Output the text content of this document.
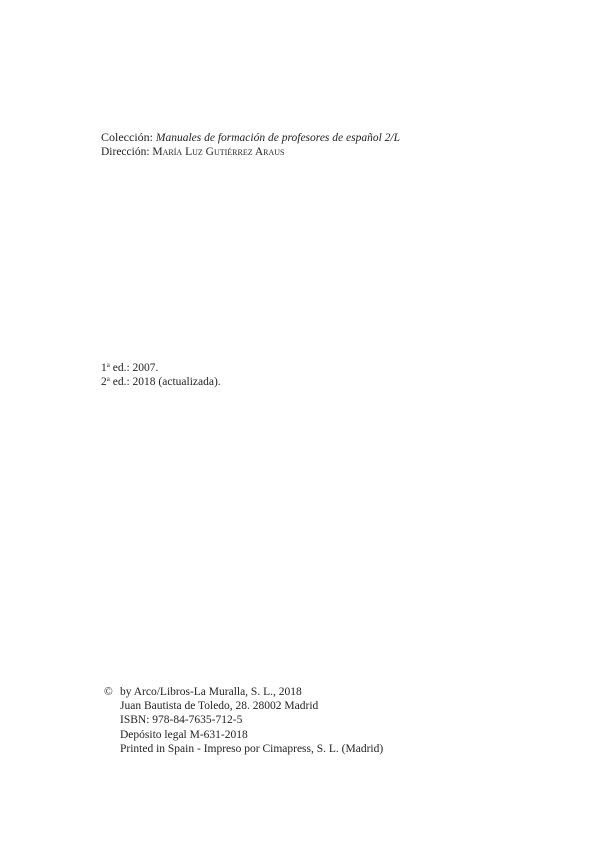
Colección: Manuales de formación de profesores de español 2/L
Dirección: María Luz Gutiérrez Araus
1$^a$ ed.: 2007.
2$^a$ ed.: 2018 (actualizada).
© by Arco/Libros-La Muralla, S. L., 2018
Juan Bautista de Toledo, 28. 28002 Madrid
ISBN: 978-84-7635-712-5
Depósito legal M-631-2018
Printed in Spain - Impreso por Cimapress, S. L. (Madrid)
